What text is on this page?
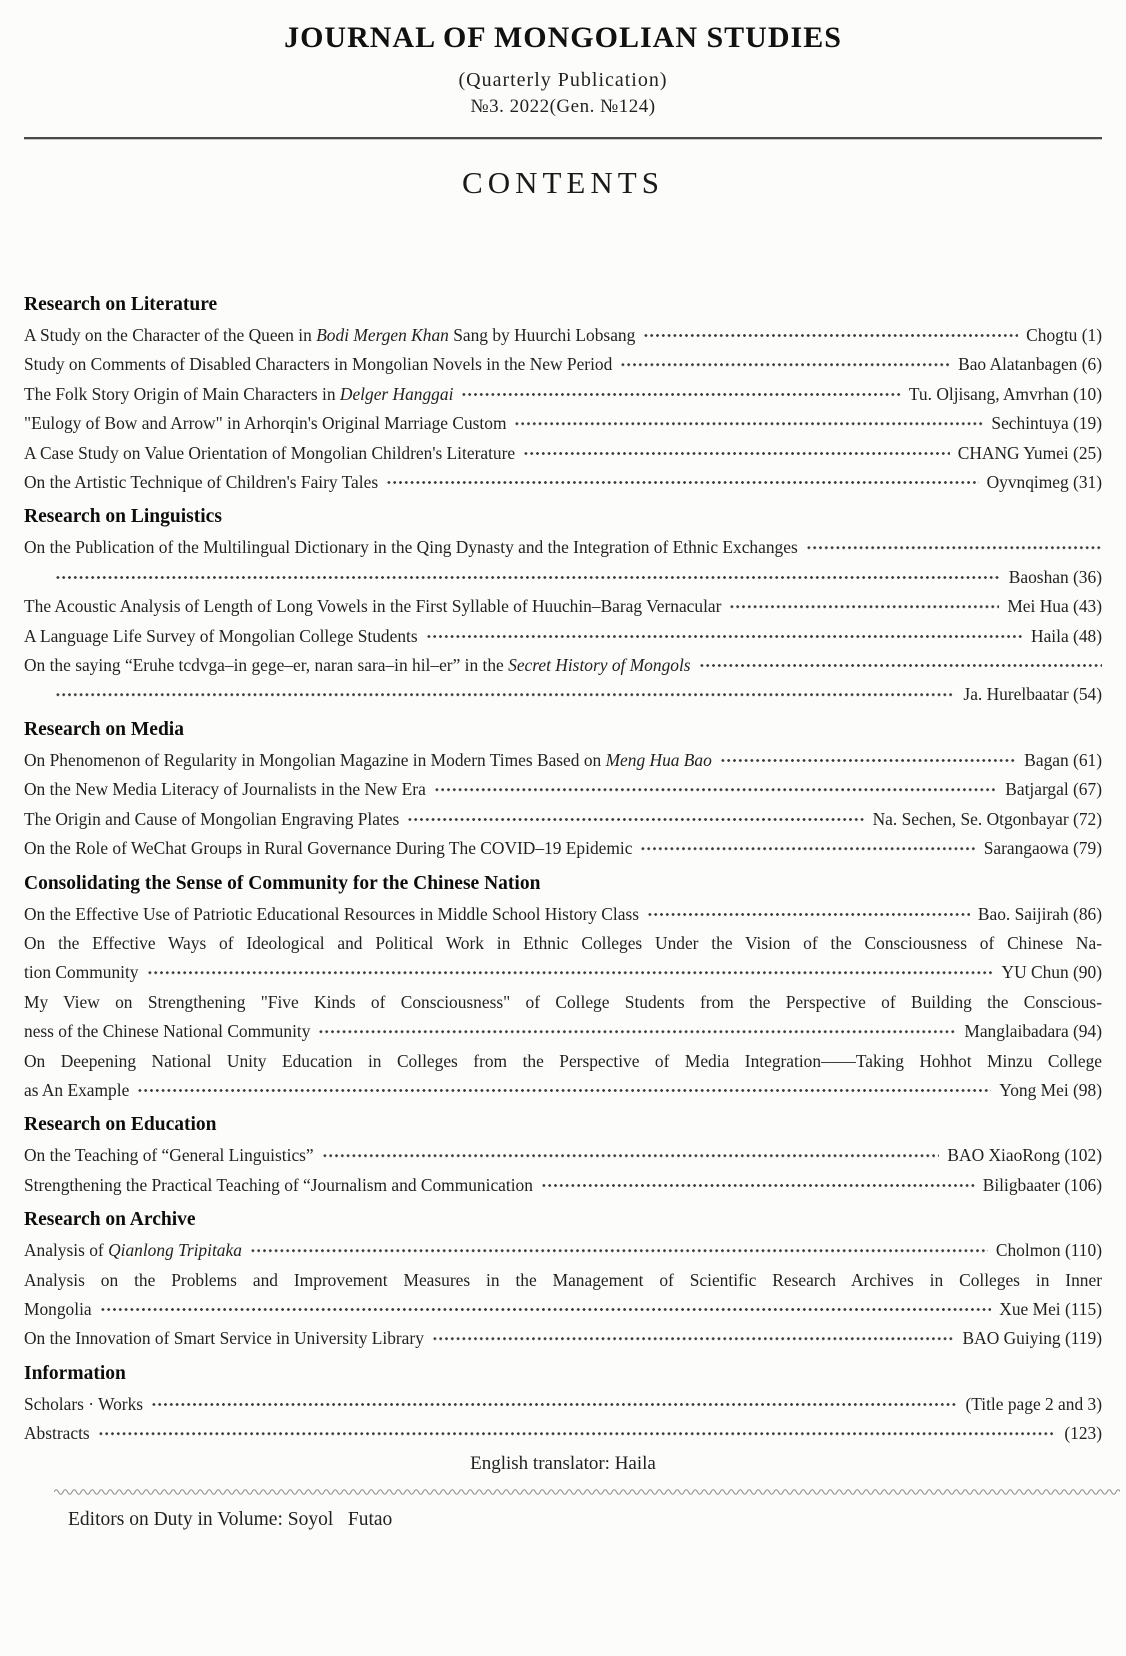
JOURNAL OF MONGOLIAN STUDIES
(Quarterly Publication)
№3. 2022(Gen. №124)
CONTENTS
Research on Literature
A Study on the Character of the Queen in Bodi Mergen Khan Sang by Huurchi Lobsang	Chogtu (1)
Study on Comments of Disabled Characters in Mongolian Novels in the New Period	Bao Alatanbagen (6)
The Folk Story Origin of Main Characters in Delger Hanggai	Tu. Oljisang, Amvrhan (10)
"Eulogy of Bow and Arrow" in Arhorqin's Original Marriage Custom	Sechintuya (19)
A Case Study on Value Orientation of Mongolian Children's Literature	CHANG Yumei (25)
On the Artistic Technique of Children's Fairy Tales	Oyvnqimeg (31)
Research on Linguistics
On the Publication of the Multilingual Dictionary in the Qing Dynasty and the Integration of Ethnic Exchanges
Baoshan (36)
The Acoustic Analysis of Length of Long Vowels in the First Syllable of Huuchin–Barag Vernacular	Mei Hua (43)
A Language Life Survey of Mongolian College Students	Haila (48)
On the saying “Eruhe tcdvga–in gege–er, naran sara–in hil–er” in the Secret History of Mongols
Ja. Hurelbaatar (54)
Research on Media
On Phenomenon of Regularity in Mongolian Magazine in Modern Times Based on Meng Hua Bao	Bagan (61)
On the New Media Literacy of Journalists in the New Era	Batjargal (67)
The Origin and Cause of Mongolian Engraving Plates	Na. Sechen, Se. Otgonbayar (72)
On the Role of WeChat Groups in Rural Governance During The COVID–19 Epidemic	Sarangaowa (79)
Consolidating the Sense of Community for the Chinese Nation
On the Effective Use of Patriotic Educational Resources in Middle School History Class	Bao. Saijirah (86)
On the Effective Ways of Ideological and Political Work in Ethnic Colleges Under the Vision of the Consciousness of Chinese Na-
tion Community	YU Chun (90)
My View on Strengthening "Five Kinds of Consciousness" of College Students from the Perspective of Building the Conscious-
ness of the Chinese National Community	Manglaibadara (94)
On Deepening National Unity Education in Colleges from the Perspective of Media Integration——Taking Hohhot Minzu College
as An Example	Yong Mei (98)
Research on Education
On the Teaching of “General Linguistics”	BAO XiaoRong (102)
Strengthening the Practical Teaching of “Journalism and Communication	Biligbaater (106)
Research on Archive
Analysis of Qianlong Tripitaka	Cholmon (110)
Analysis on the Problems and Improvement Measures in the Management of Scientific Research Archives in Colleges in Inner
Mongolia	Xue Mei (115)
On the Innovation of Smart Service in University Library	BAO Guiying (119)
Information
Scholars · Works	(Title page 2 and 3)
Abstracts	(123)
English translator: Haila
Editors on Duty in Volume: Soyol   Futao
